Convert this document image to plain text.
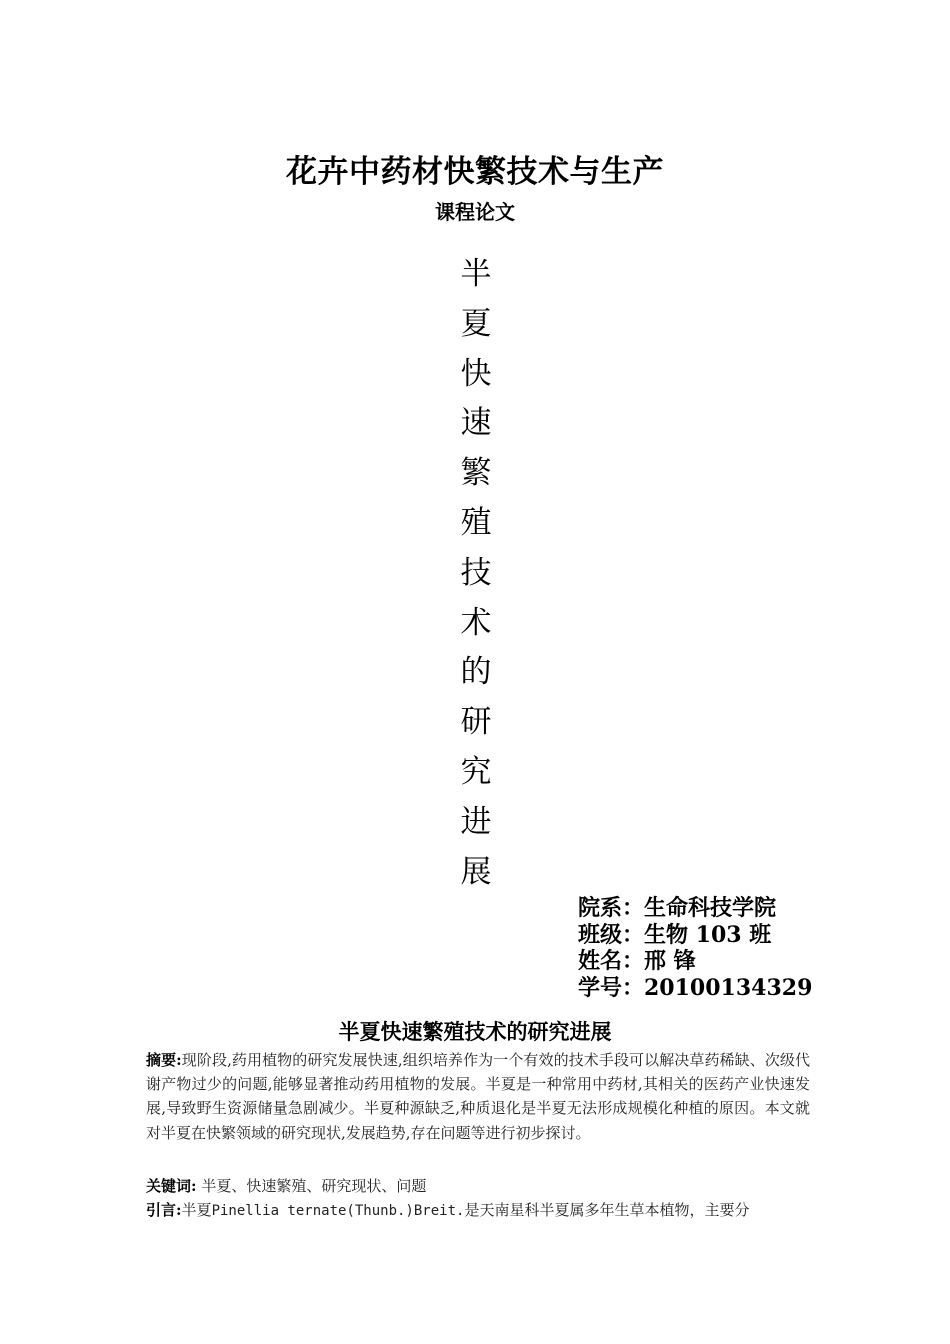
花卉中药材快繁技术与生产
课程论文
半
夏
快
速
繁
殖
技
术
的
研
究
进
展
院系：生命科技学院
班级：生物 103 班
姓名：邢 锋
学号：20100134329
半夏快速繁殖技术的研究进展
摘要:现阶段,药用植物的研究发展快速,组织培养作为一个有效的技术手段可以解决草药稀缺、次级代谢产物过少的问题,能够显著推动药用植物的发展。半夏是一种常用中药材,其相关的医药产业快速发展,导致野生资源储量急剧减少。半夏种源缺乏,种质退化是半夏无法形成规模化种植的原因。本文就对半夏在快繁领域的研究现状,发展趋势,存在问题等进行初步探讨。
关键词: 半夏、快速繁殖、研究现状、问题
引言:半夏Pinellia ternate(Thunb.)Breit.是天南星科半夏属多年生草本植物，主要分
